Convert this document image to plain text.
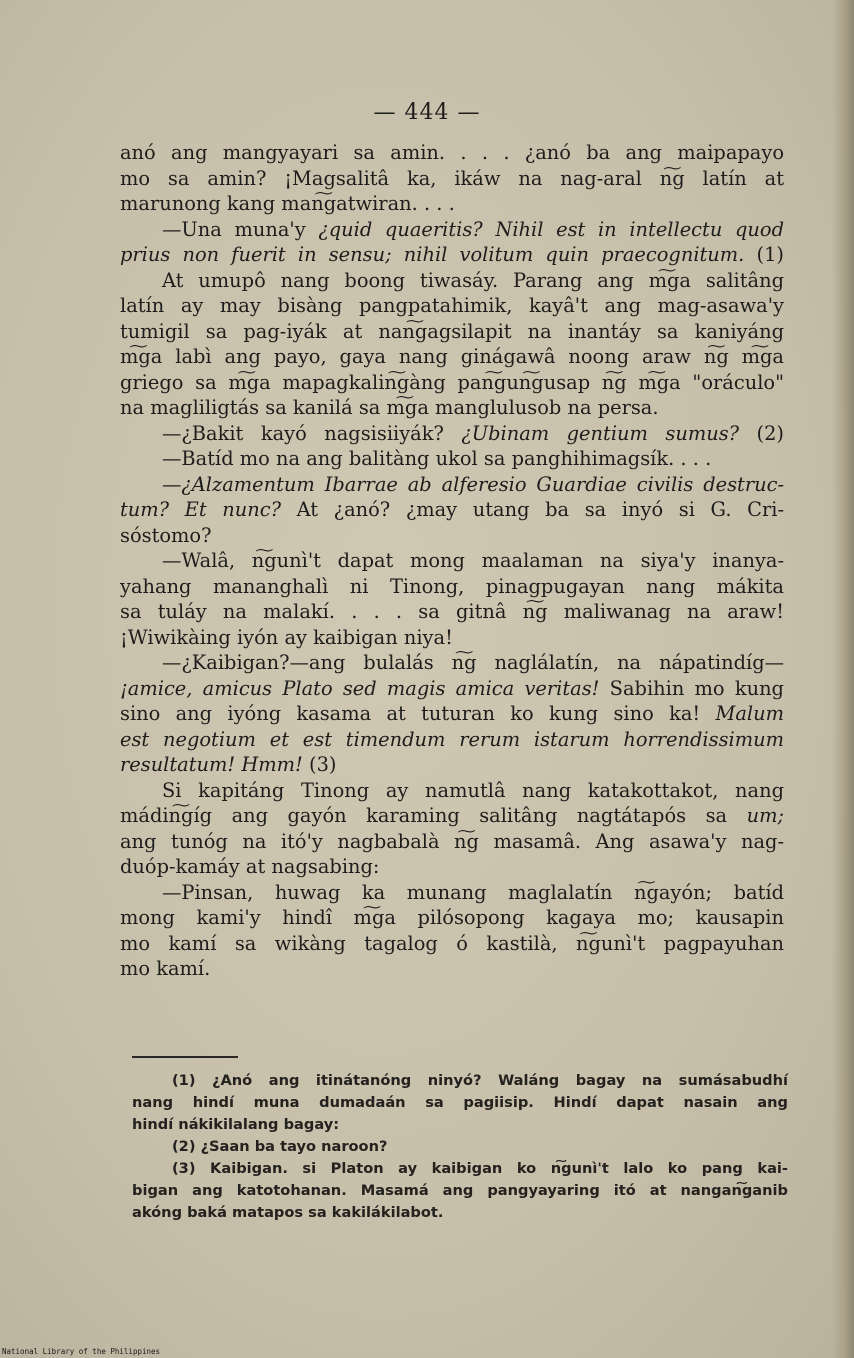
— 444 —
anó ang mangyayari sa amin. . . . ¿anó ba ang maipapayo
mo sa amin? ¡Magsalitâ ka, ikáw na nag-aral n͠g latín at
marunong kang man͠gatwiran. . . .
—Una muna'y ¿quid quaeritis? Nihil est in intellectu quod
prius non fuerit in sensu; nihil volitum quin praecognitum. (1)
At umupô nang boong tiwasáy. Parang ang m͠ga salitâng
latín ay may bisàng pangpatahimik, kayâ't ang mag-asawa'y
tumigil sa pag-iyák at nan͠gagsilapit na inantáy sa kaniyáng
m͠ga labì ang payo, gaya nang ginágawâ noong araw n͠g m͠ga
griego sa m͠ga mapagkalin͠gàng pan͠gun͠gusap n͠g m͠ga "oráculo"
na magliligtás sa kanilá sa m͠ga manglulusob na persa.
—¿Bakit kayó nagsisiiyák? ¿Ubinam gentium sumus? (2)
—Batíd mo na ang balitàng ukol sa panghihimagsík. . . .
—¿Alzamentum Ibarrae ab alferesio Guardiae civilis destruc-
tum? Et nunc? At ¿anó? ¿may utang ba sa inyó si G. Cri-
sóstomo?
—Walâ, n͠gunì't dapat mong maalaman na siya'y inanya-
yahang mananghalì ni Tinong, pinagpugayan nang mákita
sa tuláy na malakí. . . . sa gitnâ n͠g maliwanag na araw!
¡Wiwikàing iyón ay kaibigan niya!
—¿Kaibigan?—ang bulalás n͠g naglálatín, na nápatindíg—
¡amice, amicus Plato sed magis amica veritas! Sabihin mo kung
sino ang iyóng kasama at tuturan ko kung sino ka! Malum
est negotium et est timendum rerum istarum horrendissimum
resultatum! Hmm! (3)
Si kapitáng Tinong ay namutlâ nang katakottakot, nang
mádin͠gíg ang gayón karaming salitâng nagtátapós sa um;
ang tunóg na itó'y nagbabalà n͠g masamâ. Ang asawa'y nag-
duóp-kamáy at nagsabing:
—Pinsan, huwag ka munang maglalatín n͠gayón; batíd
mong kami'y hindî m͠ga pilósopong kagaya mo; kausapin
mo kamí sa wikàng tagalog ó kastilà, n͠gunì't pagpayuhan
mo kamí.
(1) ¿Anó ang itinátanóng ninyó? Waláng bagay na sumásabudhí
nang hindí muna dumadaán sa pagiisip. Hindí dapat nasain ang
hindí nákikilalang bagay:
(2) ¿Saan ba tayo naroon?
(3) Kaibigan. si Platon ay kaibigan ko n͠gunì't lalo ko pang kai-
bigan ang katotohanan. Masamá ang pangyayaring itó at nangan͠ganib
akóng baká matapos sa kakilákilabot.
National Library of the Philippines
